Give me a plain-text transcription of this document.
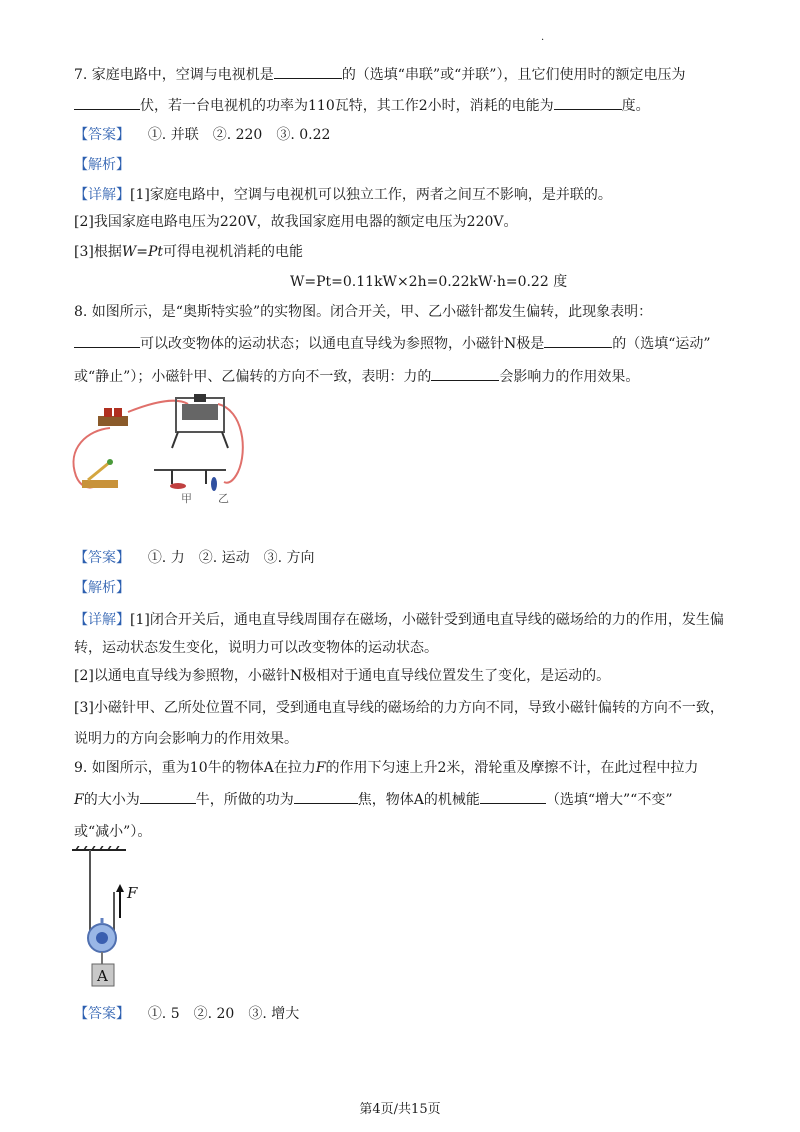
.
7. 家庭电路中，空调与电视机是	的（选填“串联”或“并联”），且它们使用时的额定电压为
伏，若一台电视机的功率为110瓦特，其工作2小时，消耗的电能为	度。
【答案】 ①. 并联　②. 220　③. 0.22
【解析】
【详解】[1]家庭电路中，空调与电视机可以独立工作，两者之间互不影响，是并联的。
[2]我国家庭电路电压为220V，故我国家庭用电器的额定电压为220V。
[3]根据W=Pt可得电视机消耗的电能
W=Pt=0.11kW×2h=0.22kW·h=0.22 度
8. 如图所示，是“奥斯特实验”的实物图。闭合开关，甲、乙小磁针都发生偏转，此现象表明：
可以改变物体的运动状态；以通电直导线为参照物，小磁针N极是	的（选填“运动”
或“静止”）；小磁针甲、乙偏转的方向不一致，表明：力的	会影响力的作用效果。
甲 乙
【答案】 ①. 力　②. 运动　③. 方向
【解析】
【详解】[1]闭合开关后，通电直导线周围存在磁场，小磁针受到通电直导线的磁场给的力的作用，发生偏
转，运动状态发生变化，说明力可以改变物体的运动状态。
[2]以通电直导线为参照物，小磁针N极相对于通电直导线位置发生了变化，是运动的。
[3]小磁针甲、乙所处位置不同，受到通电直导线的磁场给的力方向不同，导致小磁针偏转的方向不一致，
说明力的方向会影响力的作用效果。
9. 如图所示，重为10牛的物体A在拉力F的作用下匀速上升2米，滑轮重及摩擦不计，在此过程中拉力
F的大小为	牛，所做的功为	焦，物体A的机械能	（选填“增大”“不变”
或“减小”）。
F
A
【答案】 ①. 5　②. 20　③. 增大
第4页/共15页
